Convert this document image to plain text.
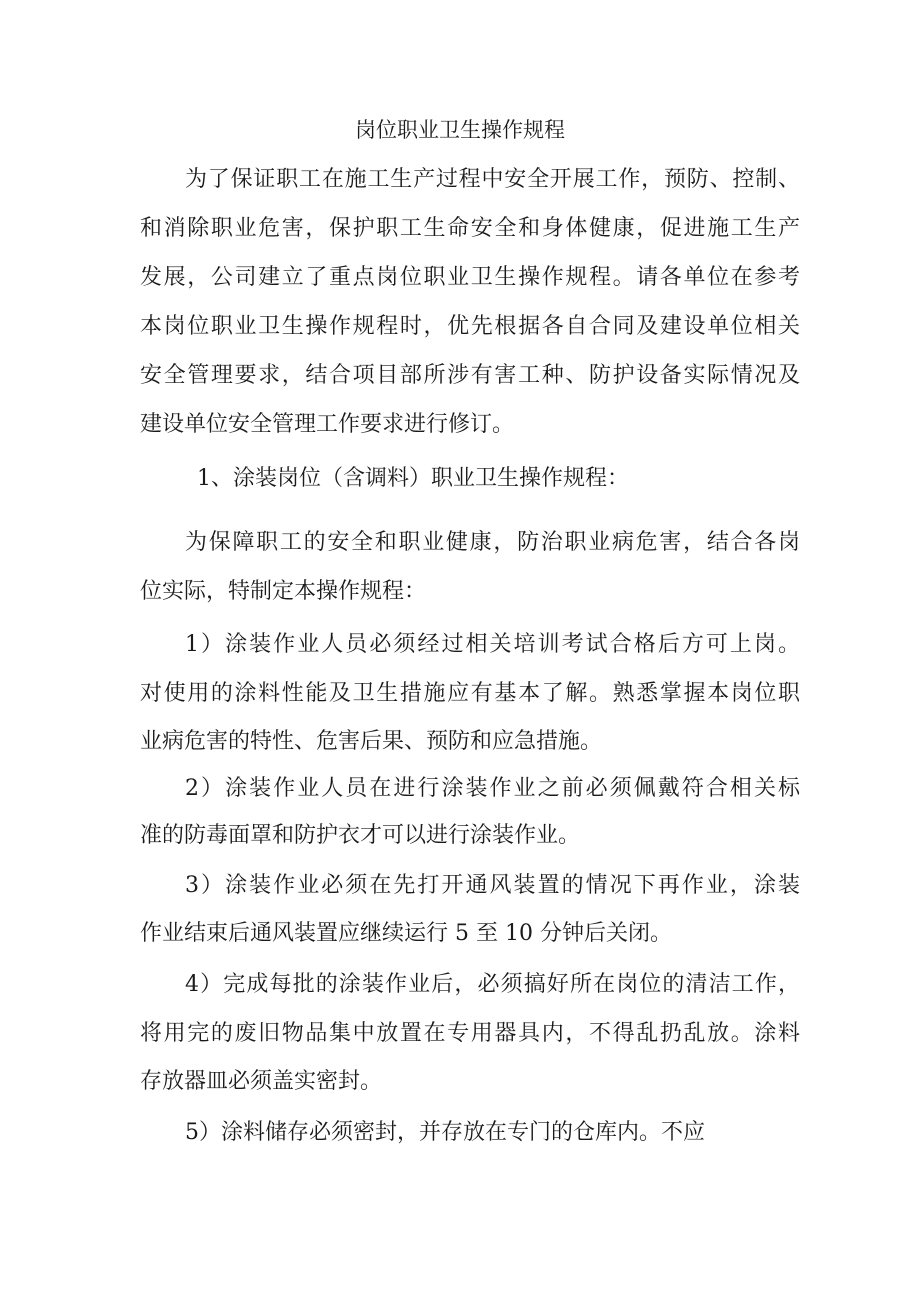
岗位职业卫生操作规程
为了保证职工在施工生产过程中安全开展工作，预防、控制、
和消除职业危害，保护职工生命安全和身体健康，促进施工生产
发展，公司建立了重点岗位职业卫生操作规程。请各单位在参考
本岗位职业卫生操作规程时，优先根据各自合同及建设单位相关
安全管理要求，结合项目部所涉有害工种、防护设备实际情况及
建设单位安全管理工作要求进行修订。
1、涂装岗位（含调料）职业卫生操作规程：
为保障职工的安全和职业健康，防治职业病危害，结合各岗
位实际，特制定本操作规程：
1）涂装作业人员必须经过相关培训考试合格后方可上岗。
对使用的涂料性能及卫生措施应有基本了解。熟悉掌握本岗位职
业病危害的特性、危害后果、预防和应急措施。
2）涂装作业人员在进行涂装作业之前必须佩戴符合相关标
准的防毒面罩和防护衣才可以进行涂装作业。
3）涂装作业必须在先打开通风装置的情况下再作业，涂装
作业结束后通风装置应继续运行 5 至 10 分钟后关闭。
4）完成每批的涂装作业后，必须搞好所在岗位的清洁工作，
将用完的废旧物品集中放置在专用器具内，不得乱扔乱放。涂料
存放器皿必须盖实密封。
5）涂料储存必须密封，并存放在专门的仓库内。不应
